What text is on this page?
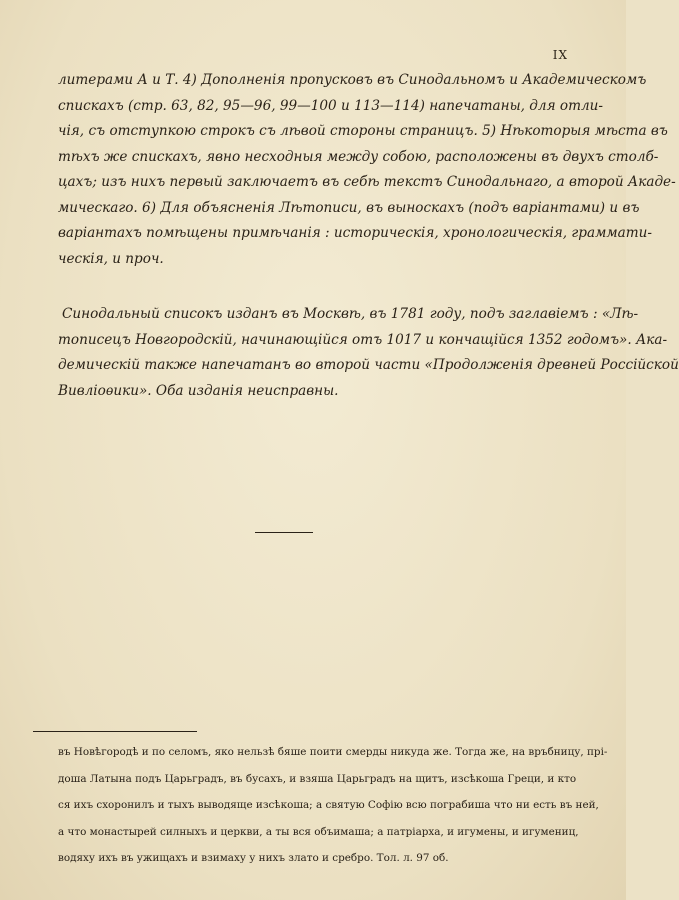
IX
литерами А и Т. 4) Дополненія пропусковъ въ Синодальномъ и Академическомъ
спискахъ (стр. 63, 82, 95—96, 99—100 и 113—114) напечатаны, для отли-
чія, съ отступкою строкъ съ лѣвой стороны страницъ. 5) Нѣкоторыя мѣста въ
тѣхъ же спискахъ, явно несходныя между собою, расположены въ двухъ столб-
цахъ; изъ нихъ первый заключаетъ въ себѣ текстъ Синодальнаго, а второй Акаде-
мическаго. 6) Для объясненія Лѣтописи, въ выноскахъ (подъ варіантами) и въ
варіантахъ помѣщены примѣчанія : историческія, хронологическія, граммати-
ческія, и проч.
Синодальный списокъ изданъ въ Москвѣ, въ 1781 году, подъ заглавіемъ : «Лѣ-
тописецъ Новгородскій, начинающійся отъ 1017 и кончащійся 1352 годомъ». Ака-
демическій также напечатанъ во второй части «Продолженія древней Россійской
Вивліоѳики». Оба изданія неисправны.
въ Новѣгородѣ и по селомъ, яко нельзѣ бяше поити смерды никуда же. Тогда же, на връбницу, прі-
доша Латына подъ Царьградъ, въ бусахъ, и взяша Царьградъ на щитъ, изсѣкоша Греци, и кто
ся ихъ схоронилъ и тыхъ выводяще изсѣкоша; а святую Софію всю пограбиша что ни есть въ ней,
а что монастырей силныхъ и церкви, а ты вся объимаша; а патріарха, и игумены, и игумениц,
водяху ихъ въ ужищахъ и взимаху у нихъ злато и сребро. Тол. л. 97 об.
